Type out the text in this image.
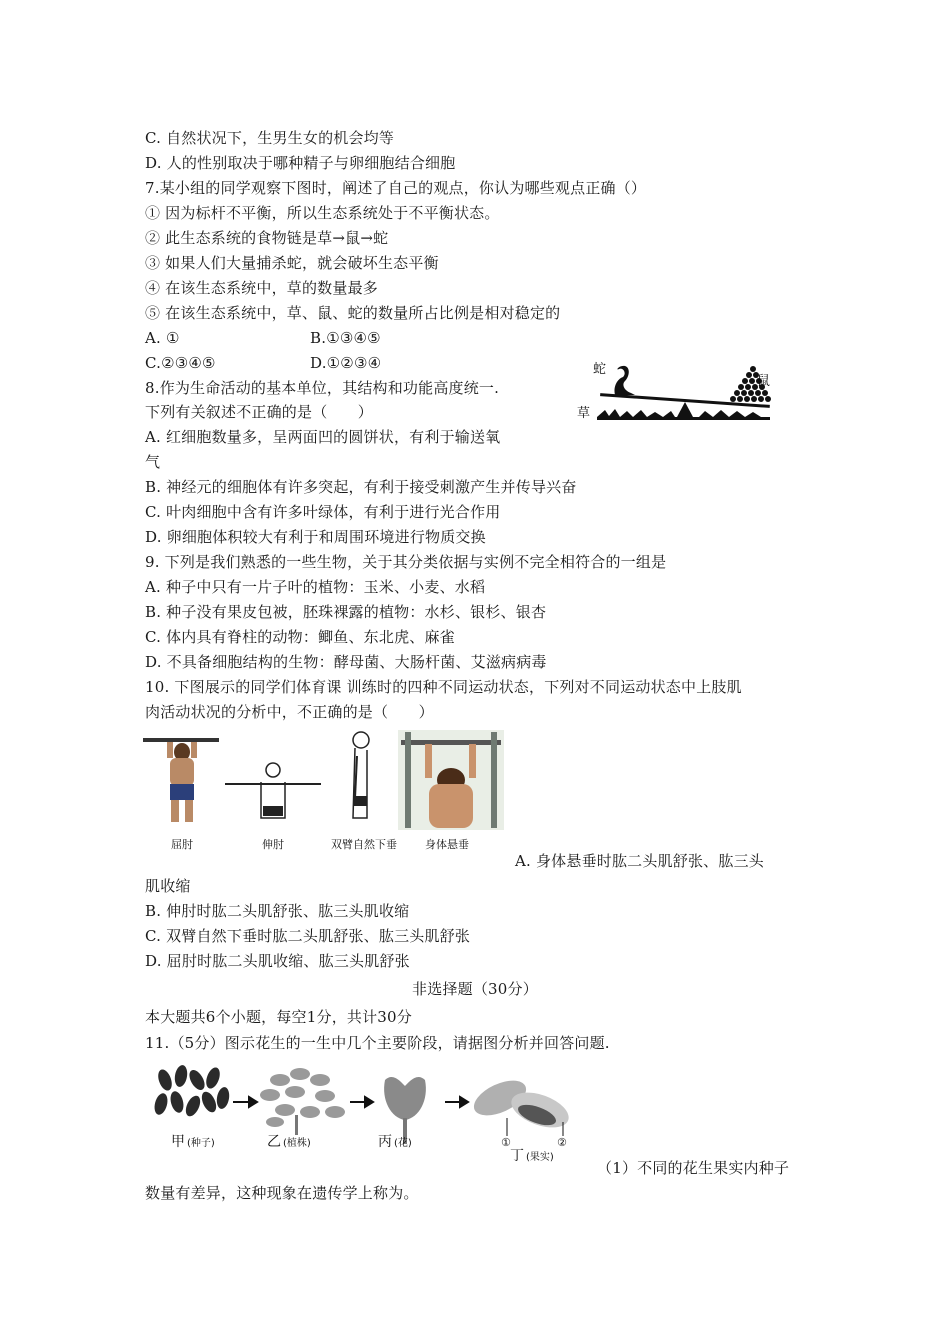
C. 自然状况下，生男生女的机会均等
D. 人的性别取决于哪种精子与卵细胞结合细胞
7.某小组的同学观察下图时，阐述了自己的观点，你认为哪些观点正确（）
① 因为标杆不平衡，所以生态系统处于不平衡状态。
② 此生态系统的食物链是草→鼠→蛇
③ 如果人们大量捕杀蛇，就会破坏生态平衡
④ 在该生态系统中，草的数量最多
⑤ 在该生态系统中，草、鼠、蛇的数量所占比例是相对稳定的
A. ①	B.①③④⑤
C.②③④⑤	D.①②③④	蛇
鼠
草
8.作为生命活动的基本单位，其结构和功能高度统一.
下列有关叙述不正确的是（　　）
A. 红细胞数量多，呈两面凹的圆饼状，有利于输送氧
气
B. 神经元的细胞体有许多突起，有利于接受刺激产生并传导兴奋
C. 叶肉细胞中含有许多叶绿体，有利于进行光合作用
D. 卵细胞体积较大有利于和周围环境进行物质交换
9. 下列是我们熟悉的一些生物，关于其分类依据与实例不完全相符合的一组是
A. 种子中只有一片子叶的植物：玉米、小麦、水稻
B. 种子没有果皮包被，胚珠裸露的植物：水杉、银杉、银杏
C. 体内具有脊柱的动物：鲫鱼、东北虎、麻雀
D. 不具备细胞结构的生物：酵母菌、大肠杆菌、艾滋病病毒
10. 下图展示的同学们体育课 训练时的四种不同运动状态，下列对不同运动状态中上肢肌
肉活动状况的分析中，不正确的是（　　）
屈肘	伸肘	双臂自然下垂	身体悬垂
A. 身体悬垂时肱二头肌舒张、肱三头
肌收缩
B. 伸肘时肱二头肌舒张、肱三头肌收缩
C. 双臂自然下垂时肱二头肌舒张、肱三头肌舒张
D. 屈肘时肱二头肌收缩、肱三头肌舒张
非选择题（30分）
本大题共6个小题，每空1分，共计30分
11.（5分）图示花生的一生中几个主要阶段，请据图分析并回答问题.
①	②
甲 (种子)	乙 (植株)	丙 (花)
丁 (果实)
（1）不同的花生果实内种子
数量有差异，这种现象在遗传学上称为。
